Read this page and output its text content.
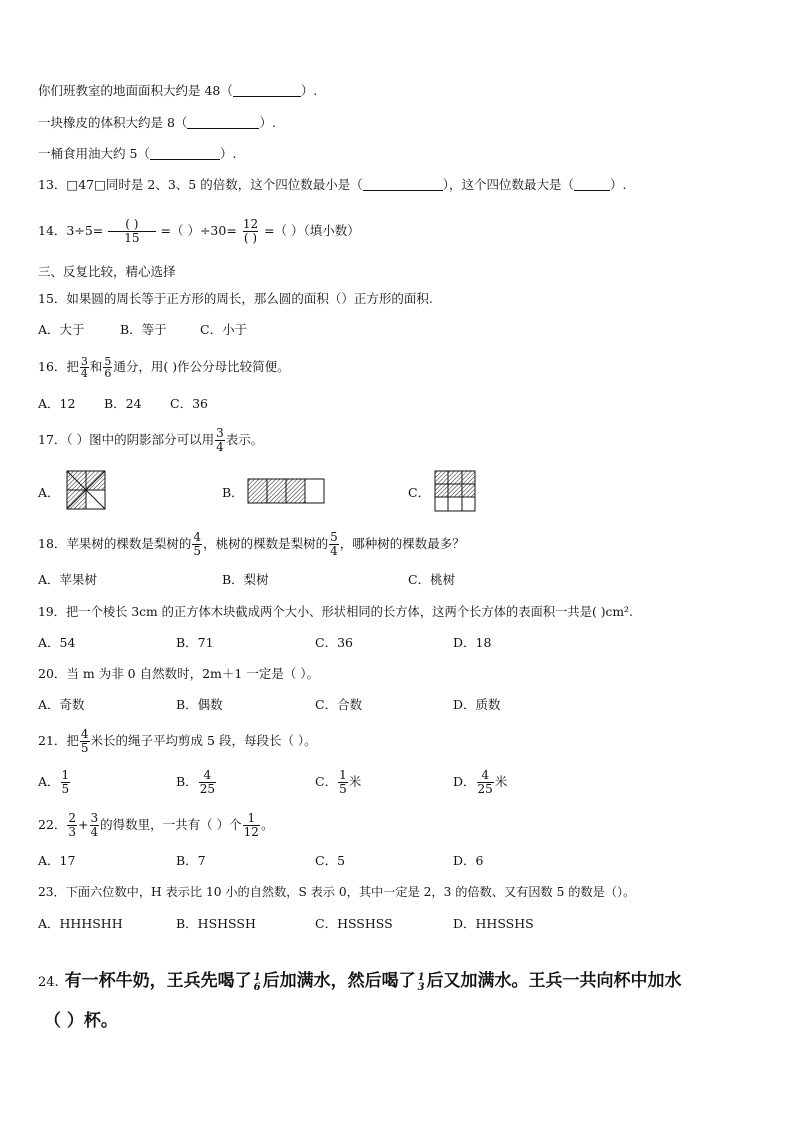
你们班教室的地面面积大约是 48（	）.
一块橡皮的体积大约是 8（	）.
一桶食用油大约 5（	）.
13．□47□同时是 2、3、5 的倍数，这个四位数最小是（	），这个四位数最大是（	）.
14．$3\div 5= \frac{( )}{15}$ =（ ）$\div 30= \frac{12}{( )}$ =（ ）（填小数）
三、反复比较，精心选择
15．如果圆的周长等于正方形的周长，那么圆的面积（）正方形的面积.
A．大于	B．等于	C．小于
16．把 $\frac{3}{4}$ 和 $\frac{5}{6}$ 通分，用( )作公分母比较简便。
A．12 B．24 C．36
17．（ ）图中的阴影部分可以用 $\frac{3}{4}$ 表示。
A．	B．	C．
18．苹果树的棵数是梨树的 $\frac{4}{5}$ ，桃树的棵数是梨树的 $\frac{5}{4}$ ，哪种树的棵数最多？
A．苹果树	B．梨树	C．桃树
19．把一个棱长 3cm 的正方体木块截成两个大小、形状相同的长方体，这两个长方体的表面积一共是( )cm².
A．54	B．71	C．36	D．18
20．当 m 为非 0 自然数时，2m＋1 一定是（ ）。
A．奇数	B．偶数	C．合数	D．质数
21．把 $\frac{4}{5}$ 米长的绳子平均剪成 5 段，每段长（ ）。
A． $\frac{1}{5}$	B． $\frac{4}{25}$	C． $\frac{1}{5}$ 米	D． $\frac{4}{25}$ 米
22． $\frac{2}{3} + \frac{3}{4}$ 的得数里，一共有（ ）个 $\frac{1}{12}$ 。
A．17	B．7	C．5	D．6
23．下面六位数中，H 表示比 10 小的自然数，S 表示 0，其中一定是 2，3 的倍数、又有因数 5 的数是（）。
A．HHHSHH	B．HSHSSH	C．HSSHSS	D．HHSSHS
24. 有一杯牛奶，王兵先喝了 1
6 后加满水，然后喝了 1
3 后又加满水。王兵一共向杯中加水
（ ）杯。
